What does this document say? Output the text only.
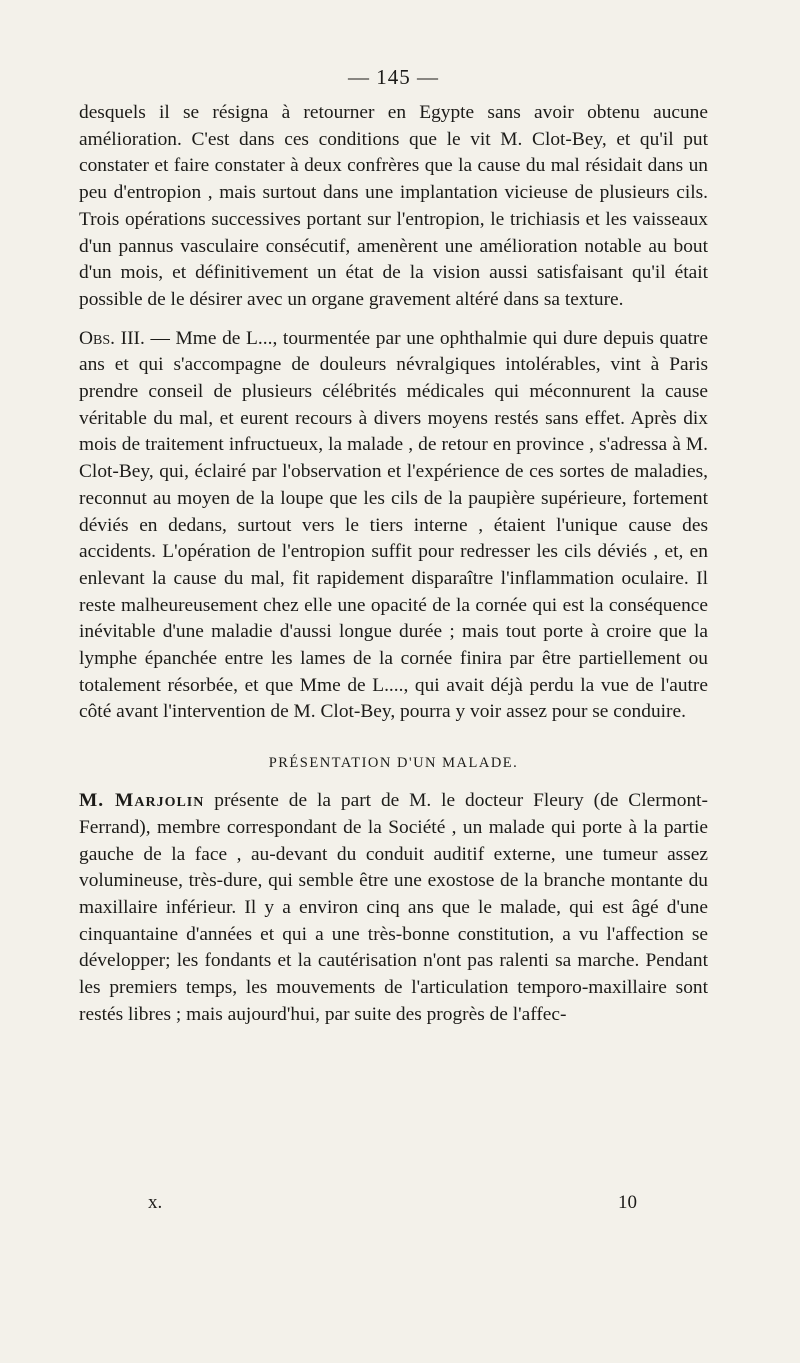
— 145 —

desquels il se résigna à retourner en Egypte sans avoir obtenu aucune amélioration. C'est dans ces conditions que le vit M. Clot-Bey, et qu'il put constater et faire constater à deux confrères que la cause du mal résidait dans un peu d'entropion , mais surtout dans une implantation vicieuse de plusieurs cils. Trois opérations successives portant sur l'entropion, le trichiasis et les vaisseaux d'un pannus vasculaire consécutif, amenèrent une amélioration notable au bout d'un mois, et définitivement un état de la vision aussi satisfaisant qu'il était possible de le désirer avec un organe gravement altéré dans sa texture.

Obs. III. — Mme de L..., tourmentée par une ophthalmie qui dure depuis quatre ans et qui s'accompagne de douleurs névralgiques intolérables, vint à Paris prendre conseil de plusieurs célébrités médicales qui méconnurent la cause véritable du mal, et eurent recours à divers moyens restés sans effet. Après dix mois de traitement infructueux, la malade , de retour en province , s'adressa à M. Clot-Bey, qui, éclairé par l'observation et l'expérience de ces sortes de maladies, reconnut au moyen de la loupe que les cils de la paupière supérieure, fortement déviés en dedans, surtout vers le tiers interne , étaient l'unique cause des accidents. L'opération de l'entropion suffit pour redresser les cils déviés , et, en enlevant la cause du mal, fit rapidement disparaître l'inflammation oculaire. Il reste malheureusement chez elle une opacité de la cornée qui est la conséquence inévitable d'une maladie d'aussi longue durée ; mais tout porte à croire que la lymphe épanchée entre les lames de la cornée finira par être partiellement ou totalement résorbée, et que Mme de L...., qui avait déjà perdu la vue de l'autre côté avant l'intervention de M. Clot-Bey, pourra y voir assez pour se conduire.

PRÉSENTATION D'UN MALADE.

M. Marjolin présente de la part de M. le docteur Fleury (de Clermont-Ferrand), membre correspondant de la Société , un malade qui porte à la partie gauche de la face , au-devant du conduit auditif externe, une tumeur assez volumineuse, très-dure, qui semble être une exostose de la branche montante du maxillaire inférieur. Il y a environ cinq ans que le malade, qui est âgé d'une cinquantaine d'années et qui a une très-bonne constitution, a vu l'affection se développer; les fondants et la cautérisation n'ont pas ralenti sa marche. Pendant les premiers temps, les mouvements de l'articulation temporo-maxillaire sont restés libres ; mais aujourd'hui, par suite des progrès de l'affec-

x.	10
